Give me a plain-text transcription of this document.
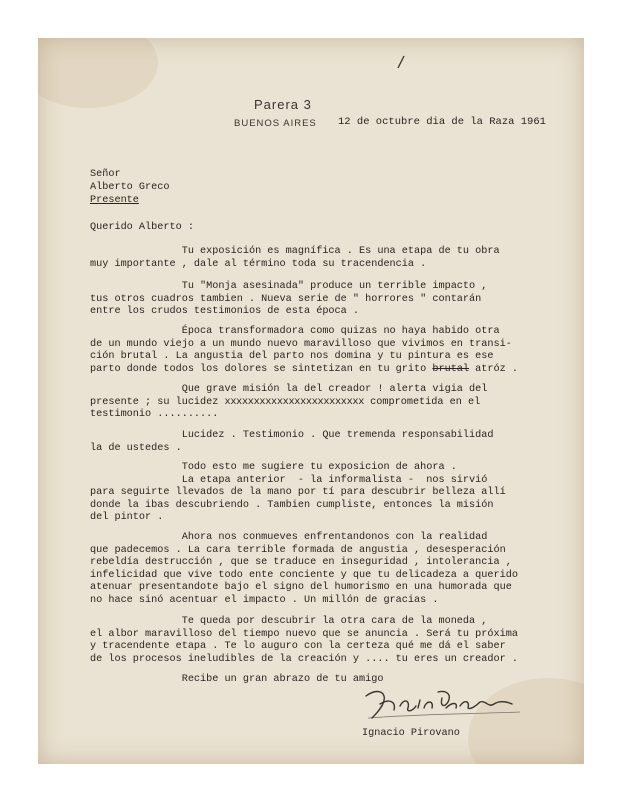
Parera 3
BUENOS AIRES 12 de octubre dia de la Raza 1961

Señor
Alberto Greco
Presente

Querido Alberto :

Tu exposición es magnífica . Es una etapa de tu obra
muy importante , dale al término toda su tracendencia .
Tu "Monja asesinada" produce un terrible impacto ,
tus otros cuadros tambien . Nueva serie de " horrores " contarán
entre los crudos testimonios de esta época .
Época transformadora como quizas no haya habido otra
de un mundo viejo a un mundo nuevo maravilloso que vivimos en transi-
ción brutal . La angustia del parto nos domina y tu pintura es ese
parto donde todos los dolores se sintetizan en tu grito brutal atróz .
Que grave misión la del creador ! alerta vigia del
presente ; su lucidez xxxxxxxxxxxxxxxxxxxxxxxx comprometida en el
testimonio ..........
Lucidez . Testimonio . Que tremenda responsabilidad
la de ustedes .
Todo esto me sugiere tu exposicion de ahora .
La etapa anterior  - la informalista -  nos sirvió
para seguirte llevados de la mano por tí para descubrir belleza allí
donde la ibas descubriendo . Tambien cumpliste, entonces la misión
del pintor .
Ahora nos conmueves enfrentandonos con la realidad
que padecemos . La cara terrible formada de angustia , desesperación
rebeldía destrucción , que se traduce en inseguridad , intolerancia ,
infelicidad que vive todo ente conciente y que tu delicadeza a querido
atenuar presentandote bajo el signo del humorismo en una humorada que
no hace sinó acentuar el impacto . Un millón de gracias .
Te queda por descubrir la otra cara de la moneda ,
el albor maravilloso del tiempo nuevo que se anuncia . Será tu próxima
y tracendente etapa . Te lo auguro con la certeza qué me dá el saber
de los procesos ineludibles de la creación y .... tu eres un creador .

Recibe un gran abrazo de tu amigo

Ignacio Pirovano
